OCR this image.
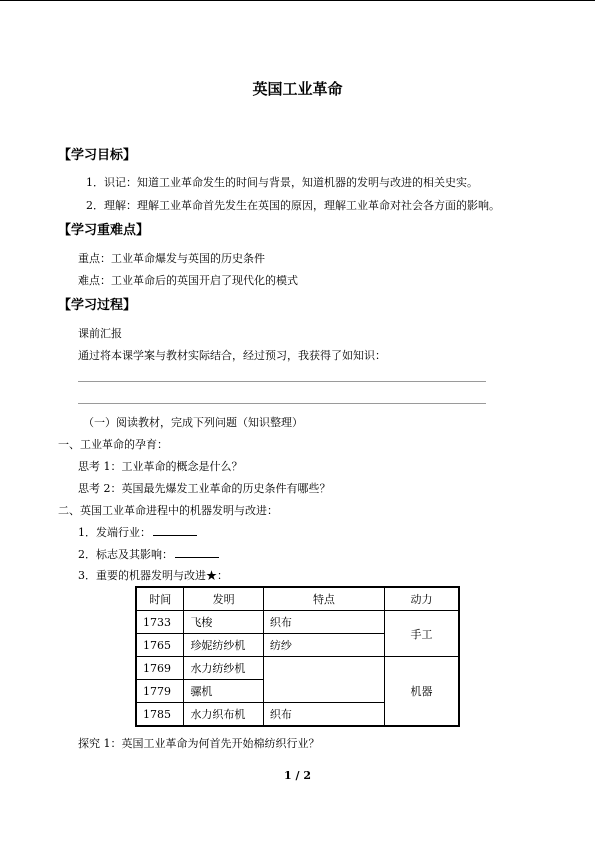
英国工业革命
【学习目标】
1．识记：知道工业革命发生的时间与背景，知道机器的发明与改进的相关史实。
2．理解：理解工业革命首先发生在英国的原因，理解工业革命对社会各方面的影响。
【学习重难点】
重点：工业革命爆发与英国的历史条件
难点：工业革命后的英国开启了现代化的模式
【学习过程】
课前汇报
通过将本课学案与教材实际结合，经过预习，我获得了如知识：
（一）阅读教材，完成下列问题（知识整理）
一、工业革命的孕育：
思考 1：工业革命的概念是什么？
思考 2：英国最先爆发工业革命的历史条件有哪些？
二、英国工业革命进程中的机器发明与改进：
1．发端行业：
2．标志及其影响：
3．重要的机器发明与改进★：
时间	发明	特点	动力
1733	飞梭	织布	手工
1765	珍妮纺纱机	纺纱	
1769	水力纺纱机		机器
1779	骡机		
1785	水力织布机	织布	
探究 1：英国工业革命为何首先开始棉纺织行业？
1 / 2
